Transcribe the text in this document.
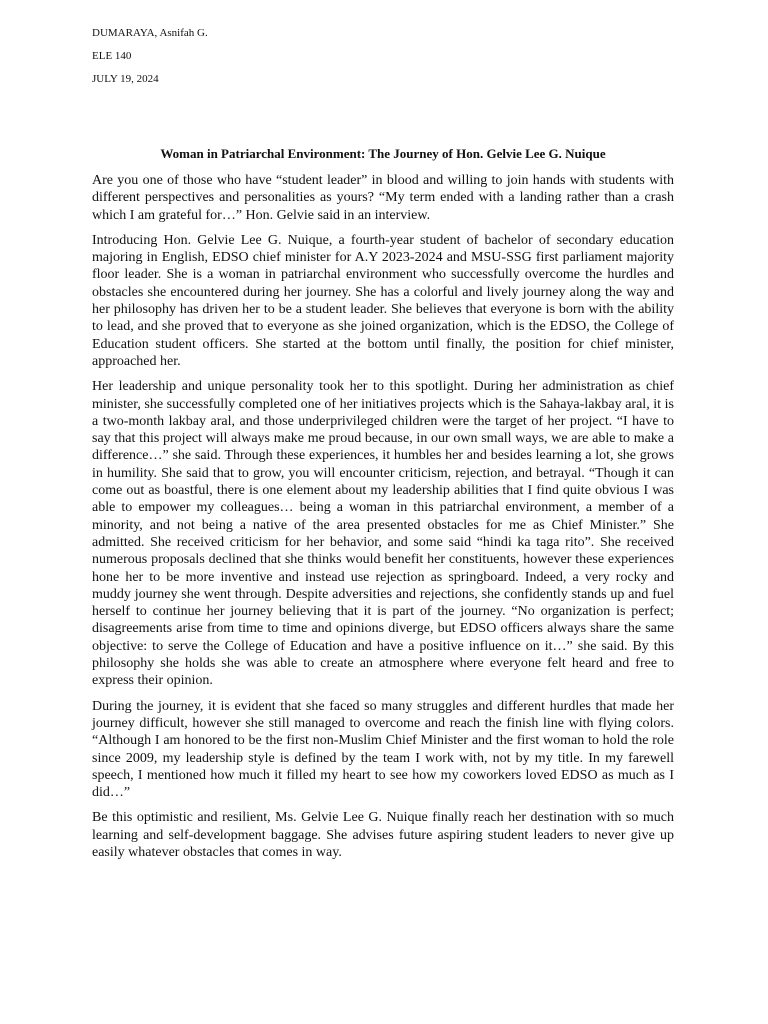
DUMARAYA, Asnifah G.
ELE 140
JULY 19, 2024
Woman in Patriarchal Environment: The Journey of Hon. Gelvie Lee G. Nuique

Are you one of those who have “student leader” in blood and willing to join hands with students with different perspectives and personalities as yours? “My term ended with a landing rather than a crash which I am grateful for…” Hon. Gelvie said in an interview.

Introducing Hon. Gelvie Lee G. Nuique, a fourth-year student of bachelor of secondary education majoring in English, EDSO chief minister for A.Y 2023-2024 and MSU-SSG first parliament majority floor leader. She is a woman in patriarchal environment who successfully overcome the hurdles and obstacles she encountered during her journey. She has a colorful and lively journey along the way and her philosophy has driven her to be a student leader. She believes that everyone is born with the ability to lead, and she proved that to everyone as she joined organization, which is the EDSO, the College of Education student officers. She started at the bottom until finally, the position for chief minister, approached her.

Her leadership and unique personality took her to this spotlight. During her administration as chief minister, she successfully completed one of her initiatives projects which is the Sahaya-lakbay aral, it is a two-month lakbay aral, and those underprivileged children were the target of her project. “I have to say that this project will always make me proud because, in our own small ways, we are able to make a difference…” she said. Through these experiences, it humbles her and besides learning a lot, she grows in humility. She said that to grow, you will encounter criticism, rejection, and betrayal. “Though it can come out as boastful, there is one element about my leadership abilities that I find quite obvious I was able to empower my colleagues… being a woman in this patriarchal environment, a member of a minority, and not being a native of the area presented obstacles for me as Chief Minister.” She admitted. She received criticism for her behavior, and some said “hindi ka taga rito”. She received numerous proposals declined that she thinks would benefit her constituents, however these experiences hone her to be more inventive and instead use rejection as springboard. Indeed, a very rocky and muddy journey she went through. Despite adversities and rejections, she confidently stands up and fuel herself to continue her journey believing that it is part of the journey. “No organization is perfect; disagreements arise from time to time and opinions diverge, but EDSO officers always share the same objective: to serve the College of Education and have a positive influence on it…” she said. By this philosophy she holds she was able to create an atmosphere where everyone felt heard and free to express their opinion.

During the journey, it is evident that she faced so many struggles and different hurdles that made her journey difficult, however she still managed to overcome and reach the finish line with flying colors. “Although I am honored to be the first non-Muslim Chief Minister and the first woman to hold the role since 2009, my leadership style is defined by the team I work with, not by my title. In my farewell speech, I mentioned how much it filled my heart to see how my coworkers loved EDSO as much as I did…”

Be this optimistic and resilient, Ms. Gelvie Lee G. Nuique finally reach her destination with so much learning and self-development baggage. She advises future aspiring student leaders to never give up easily whatever obstacles that comes in way.
